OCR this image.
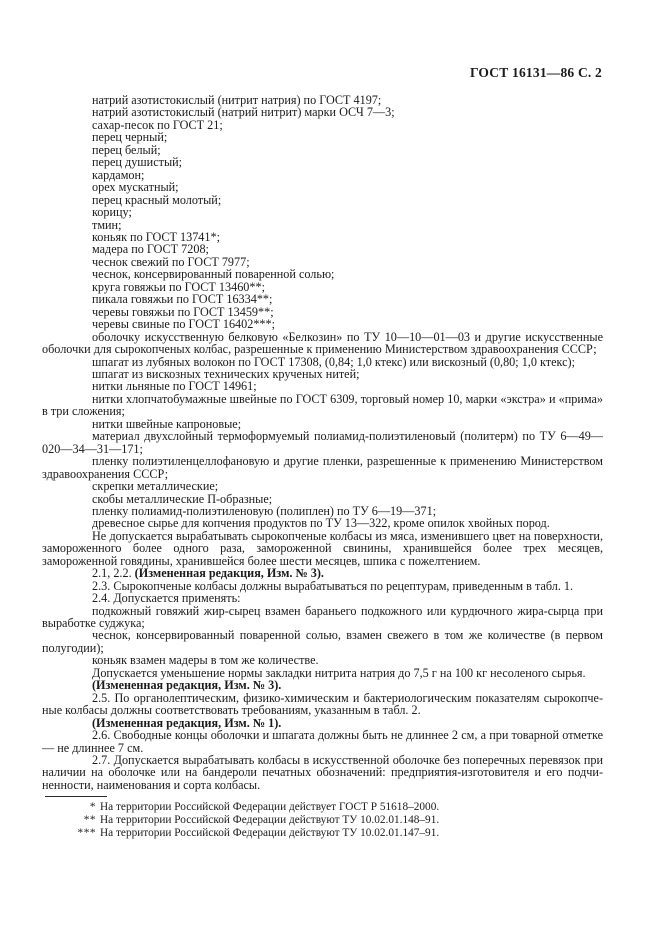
ГОСТ 16131—86 С. 2

натрий азотистокислый (нитрит натрия) по ГОСТ 4197;

натрий азотистокислый (натрий нитрит) марки ОСЧ 7—3;

сахар-песок по ГОСТ 21;

перец черный;

перец белый;

перец душистый;

кардамон;

орех мускатный;

перец красный молотый;

корицу;

тмин;

коньяк по ГОСТ 13741*;

мадера по ГОСТ 7208;

чеснок свежий по ГОСТ 7977;

чеснок, консервированный поваренной солью;

круга говяжьи по ГОСТ 13460**;

пикала говяжьи по ГОСТ 16334**;

черевы говяжьи по ГОСТ 13459**;

черевы свиные по ГОСТ 16402***;

оболочку искусственную белковую «Белкозин» по ТУ 10—10—01—03 и другие искусственные оболочки для сырокопченых колбас, разрешенные к применению Министерством здравоохранения СССР;

шпагат из лубяных волокон по ГОСТ 17308, (0,84; 1,0 ктекс) или вискозный (0,80; 1,0 ктекс);

шпагат из вискозных технических крученых нитей;

нитки льняные по ГОСТ 14961;

нитки хлопчатобумажные швейные по ГОСТ 6309, торговый номер 10, марки «экстра» и «прима» в три сложения;

нитки швейные капроновые;

материал двухслойный термоформуемый полиамид-полиэтиленовый (политерм) по ТУ 6—49—020—34—31—171;

пленку полиэтиленцеллофановую и другие пленки, разрешенные к применению Министерством здравоохранения СССР;

скрепки металлические;

скобы металлические П-образные;

пленку полиамид-полиэтиленовую (полиплен) по ТУ 6—19—371;

древесное сырье для копчения продуктов по ТУ 13—322, кроме опилок хвойных пород.

Не допускается вырабатывать сырокопченые колбасы из мяса, изменившего цвет на поверхности, замороженного более одного раза, замороженной свинины, хранившейся более трех месяцев, замороженной говядины, хранившейся более шести месяцев, шпика с пожелтением.

2.1, 2.2. (Измененная редакция, Изм. № 3).

2.3. Сырокопченые колбасы должны вырабатываться по рецептурам, приведенным в табл. 1.

2.4. Допускается применять:

подкожный говяжий жир-сырец взамен бараньего подкожного или курдючного жира-сырца при выработке суджука;

чеснок, консервированный поваренной солью, взамен свежего в том же количестве (в первом полугодии);

коньяк взамен мадеры в том же количестве.

Допускается уменьшение нормы закладки нитрита натрия до 7,5 г на 100 кг несоленого сырья.

(Измененная редакция, Изм. № 3).

2.5. По органолептическим, физико-химическим и бактериологическим показателям сырокопченые колбасы должны соответствовать требованиям, указанным в табл. 2.

(Измененная редакция, Изм. № 1).

2.6. Свободные концы оболочки и шпагата должны быть не длиннее 2 см, а при товарной отметке — не длиннее 7 см.

2.7. Допускается вырабатывать колбасы в искусственной оболочке без поперечных перевязок при наличии на оболочке или на бандероли печатных обозначений: предприятия-изготовителя и его подчиненности, наименования и сорта колбасы.

* На территории Российской Федерации действует ГОСТ Р 51618–2000.
** На территории Российской Федерации действуют ТУ 10.02.01.148–91.
*** На территории Российской Федерации действуют ТУ 10.02.01.147–91.
